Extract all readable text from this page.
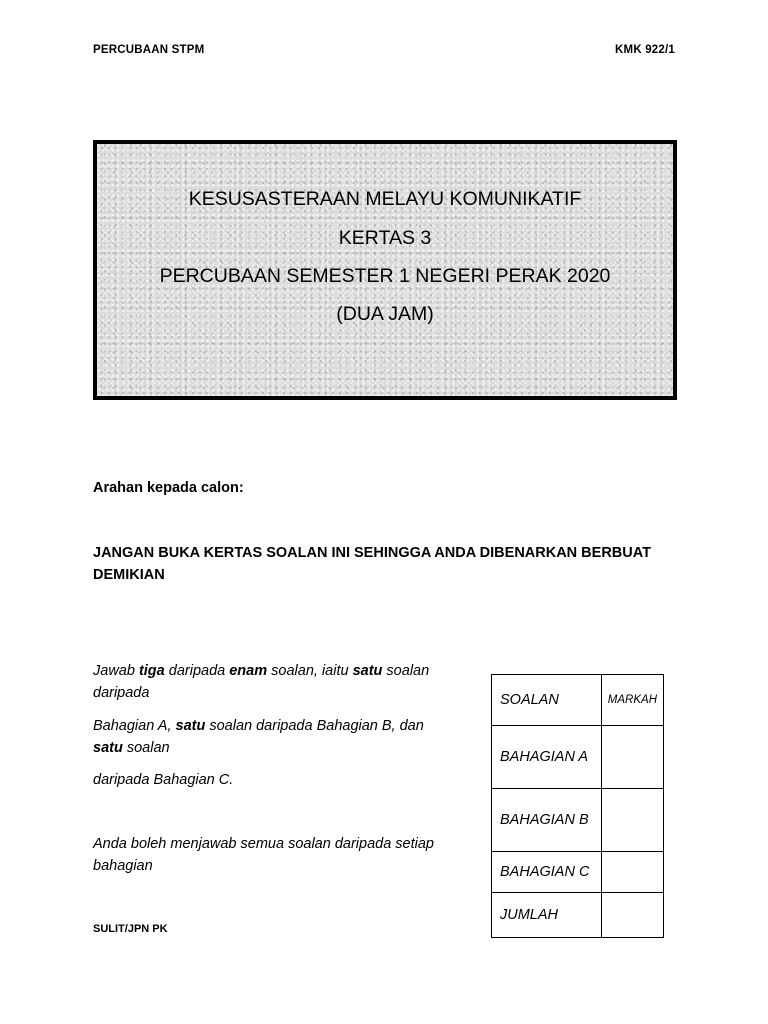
PERCUBAAN STPM	KMK 922/1
KESUSASTERAAN MELAYU KOMUNIKATIF
KERTAS 3
PERCUBAAN SEMESTER 1 NEGERI PERAK 2020
(DUA JAM)
Arahan kepada calon:
JANGAN BUKA KERTAS SOALAN INI SEHINGGA ANDA DIBENARKAN BERBUAT DEMIKIAN
Jawab tiga daripada enam soalan, iaitu satu soalan daripada
Bahagian A, satu soalan daripada Bahagian B, dan
satu soalan
daripada Bahagian C.
Anda boleh menjawab semua soalan daripada setiap bahagian
SOALAN	MARKAH
BAHAGIAN A	
BAHAGIAN B	
BAHAGIAN C	
JUMLAH	
SULIT/JPN PK
